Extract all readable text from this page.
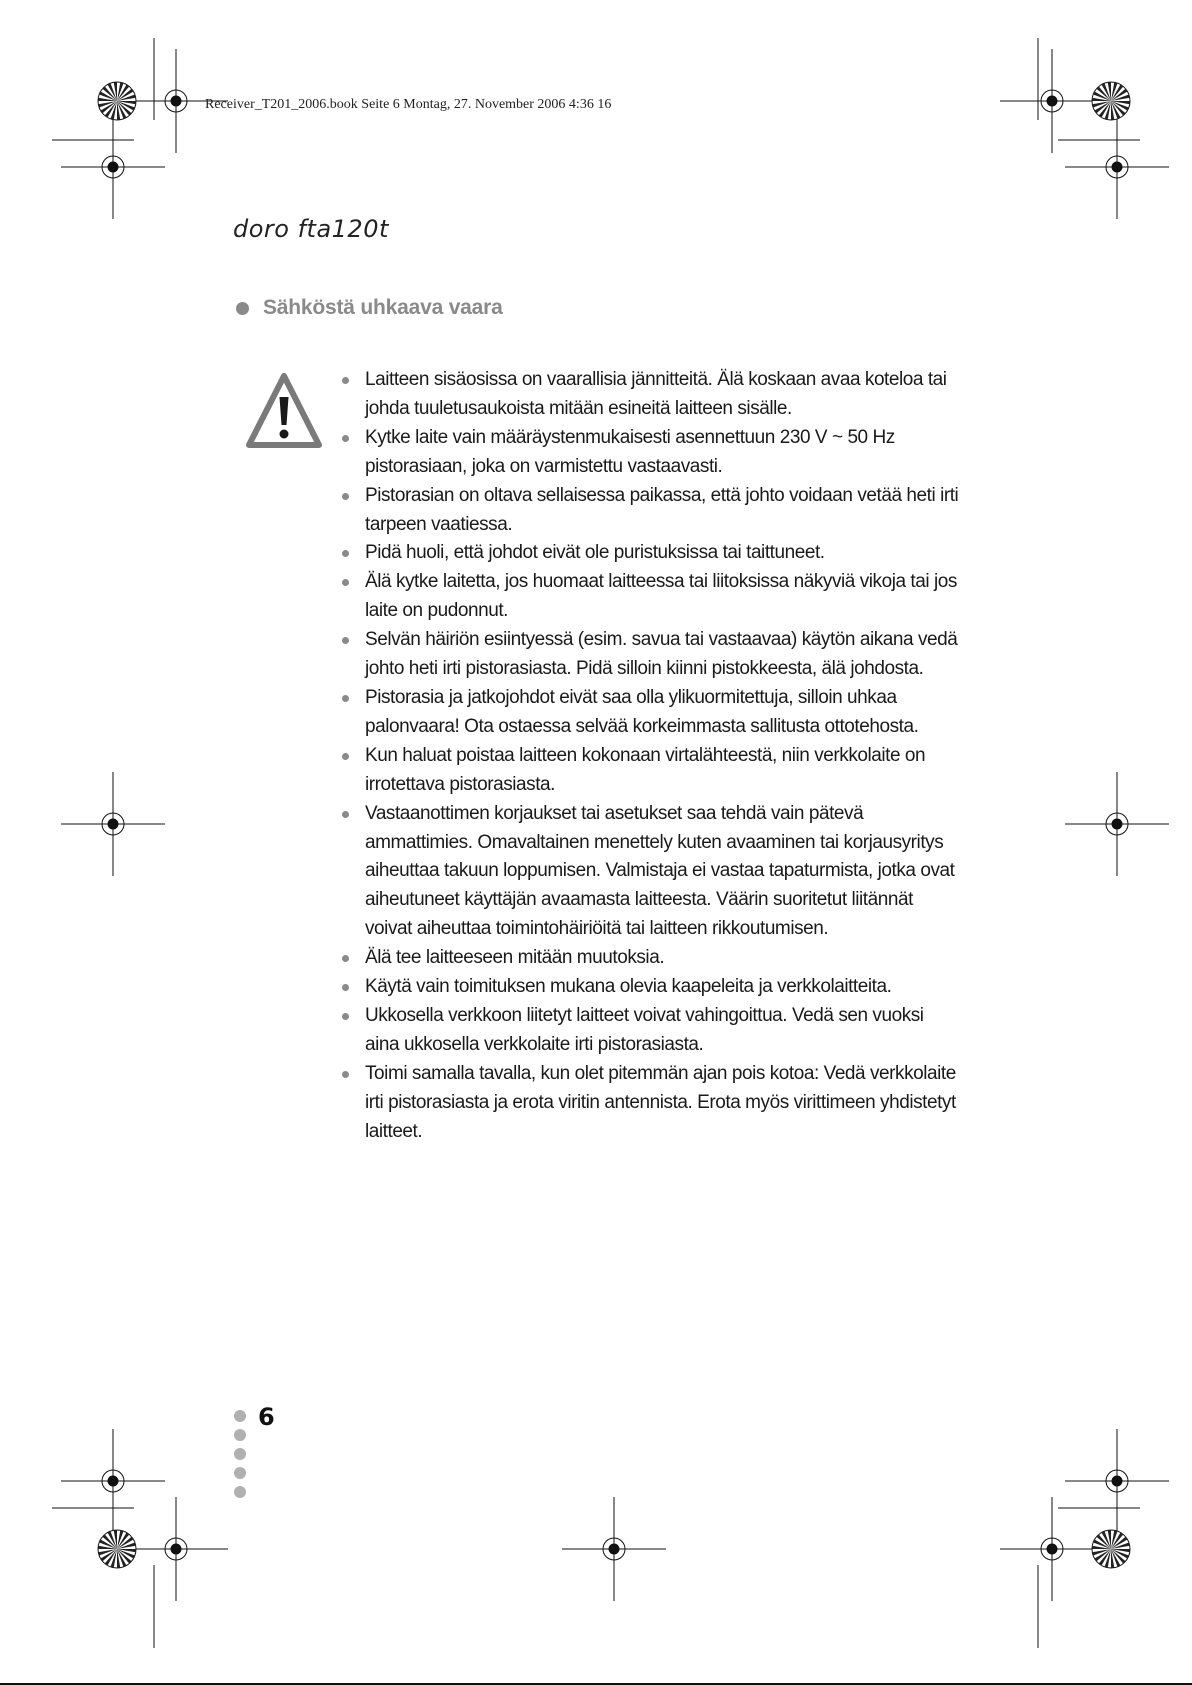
Receiver_T201_2006.book Seite 6 Montag, 27. November 2006 4:36 16
doro fta120t
Sähköstä uhkaava vaara
Laitteen sisäosissa on vaarallisia jännitteitä. Älä koskaan avaa koteloa tai johda tuuletusaukoista mitään esineitä laitteen sisälle.
Kytke laite vain määräystenmukaisesti asennettuun 230 V ~ 50 Hz pistorasiaan, joka on varmistettu vastaavasti.
Pistorasian on oltava sellaisessa paikassa, että johto voidaan vetää heti irti tarpeen vaatiessa.
Pidä huoli, että johdot eivät ole puristuksissa tai taittuneet.
Älä kytke laitetta, jos huomaat laitteessa tai liitoksissa näkyviä vikoja tai jos laite on pudonnut.
Selvän häiriön esiintyessä (esim. savua tai vastaavaa) käytön aikana vedä johto heti irti pistorasiasta. Pidä silloin kiinni pistokkeesta, älä johdosta.
Pistorasia ja jatkojohdot eivät saa olla ylikuormitettuja, silloin uhkaa palonvaara! Ota ostaessa selvää korkeimmasta sallitusta ottotehosta.
Kun haluat poistaa laitteen kokonaan virtalähteestä, niin verkkolaite on irrotettava pistorasiasta.
Vastaanottimen korjaukset tai asetukset saa tehdä vain pätevä ammattimies. Omavaltainen menettely kuten avaaminen tai korjausyritys aiheuttaa takuun loppumisen. Valmistaja ei vastaa tapaturmista, jotka ovat aiheutuneet käyttäjän avaamasta laitteesta. Väärin suoritetut liitännät voivat aiheuttaa toimintohäiriöitä tai laitteen rikkoutumisen.
Älä tee laitteeseen mitään muutoksia.
Käytä vain toimituksen mukana olevia kaapeleita ja verkkolaitteita.
Ukkosella verkkoon liitetyt laitteet voivat vahingoittua. Vedä sen vuoksi aina ukkosella verkkolaite irti pistorasiasta.
Toimi samalla tavalla, kun olet pitemmän ajan pois kotoa: Vedä verkkolaite irti pistorasiasta ja erota viritin antennista. Erota myös virittimeen yhdistetyt laitteet.
6
